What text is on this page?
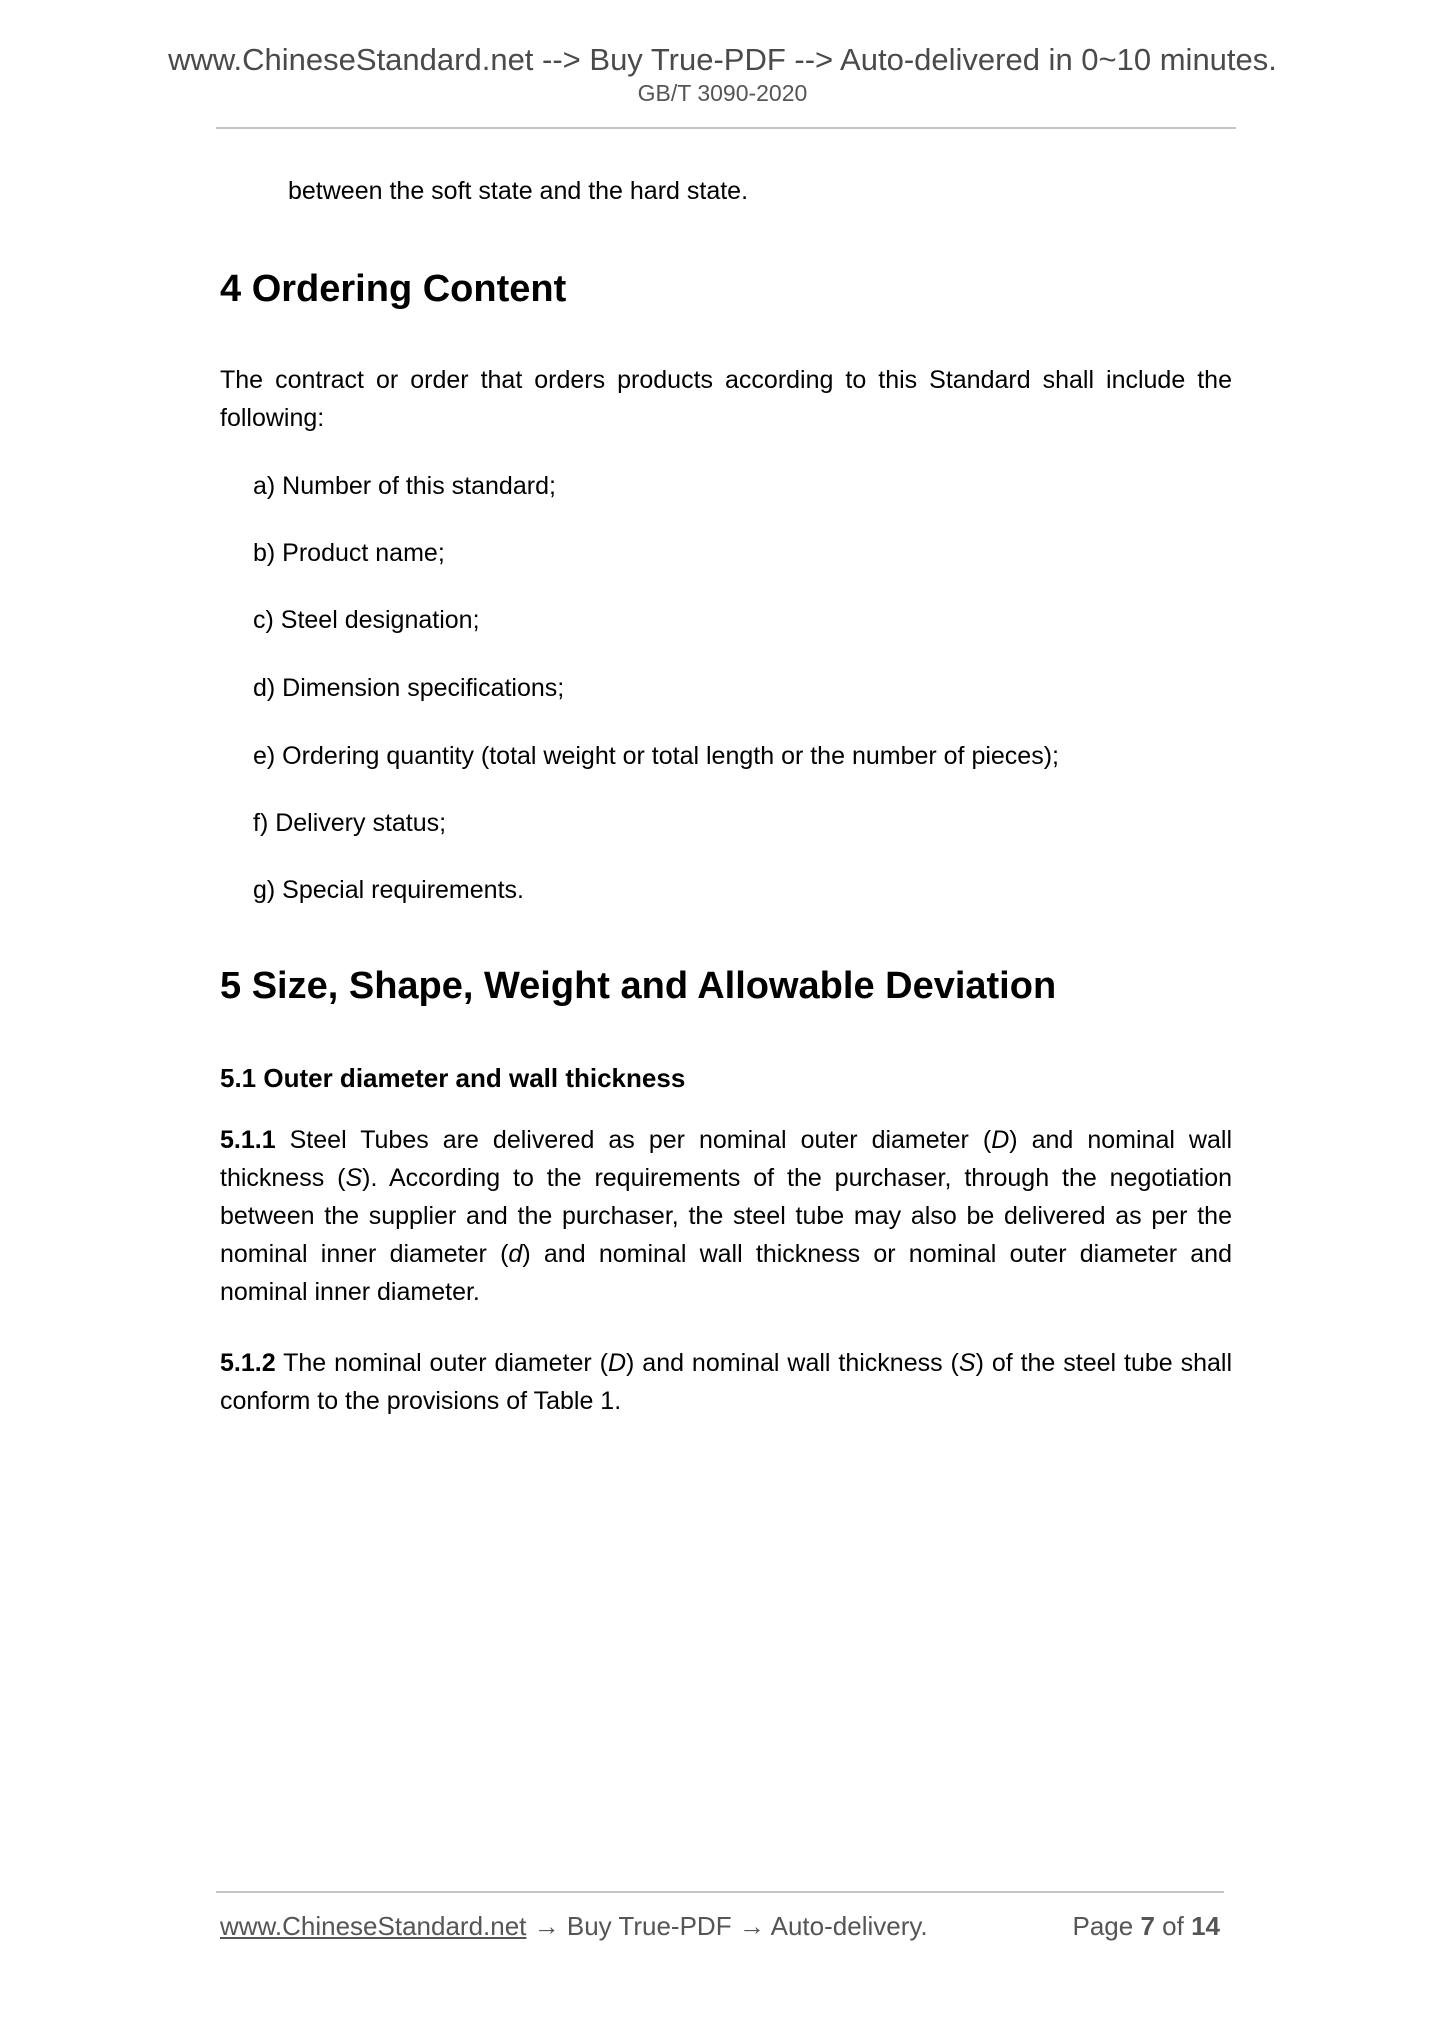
www.ChineseStandard.net --> Buy True-PDF --> Auto-delivered in 0~10 minutes.
GB/T 3090-2020
between the soft state and the hard state.
4 Ordering Content
The contract or order that orders products according to this Standard shall include the following:
a) Number of this standard;
b) Product name;
c) Steel designation;
d) Dimension specifications;
e) Ordering quantity (total weight or total length or the number of pieces);
f) Delivery status;
g) Special requirements.
5 Size, Shape, Weight and Allowable Deviation
5.1 Outer diameter and wall thickness
5.1.1 Steel Tubes are delivered as per nominal outer diameter (D) and nominal wall thickness (S). According to the requirements of the purchaser, through the negotiation between the supplier and the purchaser, the steel tube may also be delivered as per the nominal inner diameter (d) and nominal wall thickness or nominal outer diameter and nominal inner diameter.
5.1.2 The nominal outer diameter (D) and nominal wall thickness (S) of the steel tube shall conform to the provisions of Table 1.
www.ChineseStandard.net → Buy True-PDF → Auto-delivery.	Page 7 of 14
